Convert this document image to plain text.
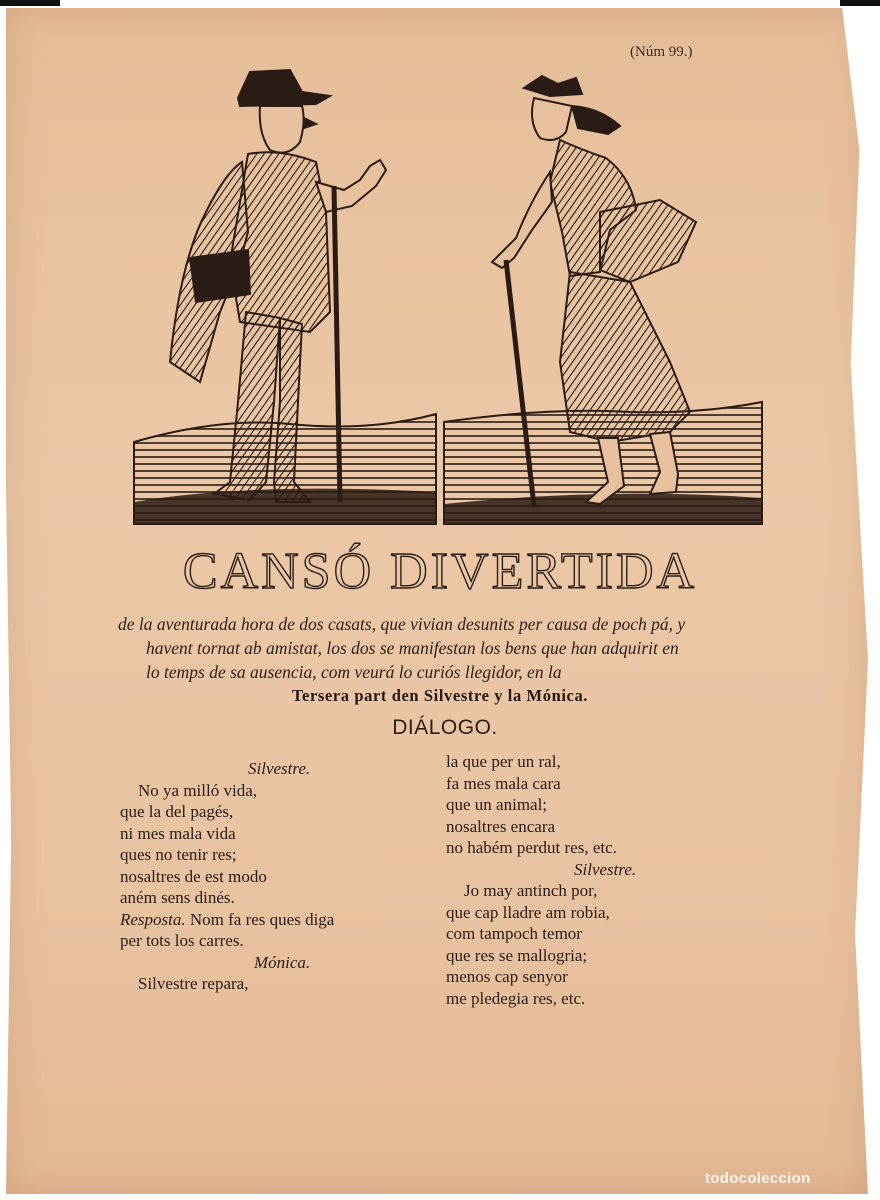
(Núm 99.)
CANSÓ DIVERTIDA
de la aventurada hora de dos casats, que vivian desunits per causa de poch pá, y
havent tornat ab amistat, los dos se manifestan los bens que han adquirit en
lo temps de sa ausencia, com veurá lo curiós llegidor, en la
Tersera part den Silvestre y la Mónica.
DIÁLOGO.
Silvestre.
No ya milló vida,
que la del pagés,
ni mes mala vida
ques no tenir res;
nosaltres de est modo
aném sens dinés.
Resposta. Nom fa res ques diga
per tots los carres.
Mónica.
Silvestre repara,
la que per un ral,
fa mes mala cara
que un animal;
nosaltres encara
no habém perdut res, etc.
Silvestre.
Jo may antinch por,
que cap lladre am robia,
com tampoch temor
que res se mallogria;
menos cap senyor
me pledegia res, etc.
todocoleccion
